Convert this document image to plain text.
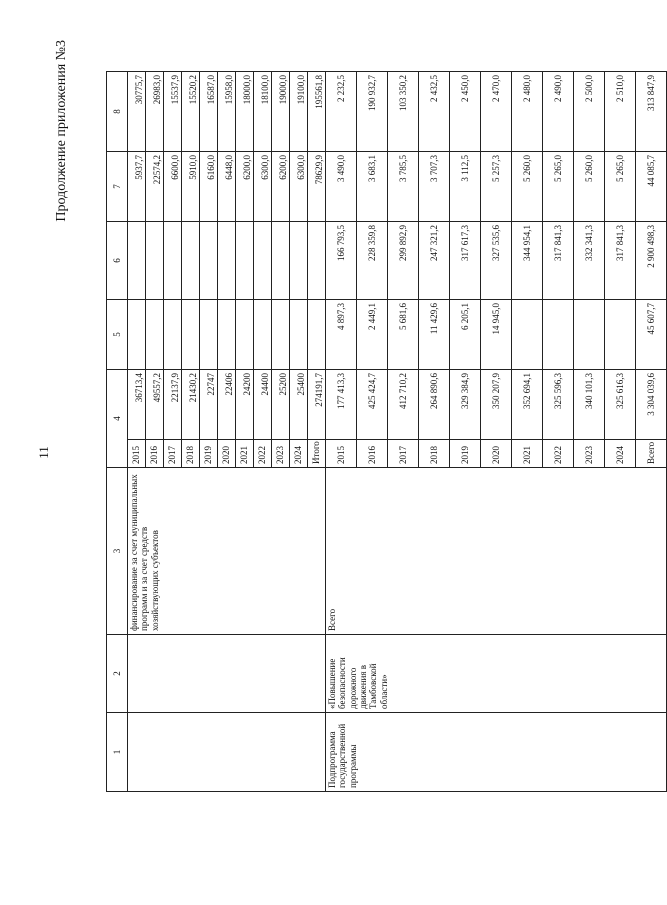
11
Продолжение приложения №3
1	2	3	4		5	6	7	8
		финансирование за счет муниципальных программ и за счет средств хозяйствующих субъектов	2015	36713,4			5937,7	30775,7
			2016	49557,2			22574,2	26983,0
			2017	22137,9			6600,0	15537,9
			2018	21430,2			5910,0	15520,2
			2019	22747			6160,0	16587,0
			2020	22406			6448,0	15958,0
			2021	24200			6200,0	18000,0
			2022	24400			6300,0	18100,0
			2023	25200			6200,0	19000,0
			2024	25400			6300,0	19100,0
			Итого	274191,7			78629,9	195561,8
Подпрограмма государственной программы	«Повышение безопасности дорожного движения в Тамбовской области»	Всего	2015	177 413,3	4 897,3	166 793,5	3 490,0	2 232,5
			2016	425 424,7	2 449,1	228 359,8	3 683,1	190 932,7
			2017	412 710,2	5 681,6	299 892,9	3 785,5	103 350,2
			2018	264 890,6	11 429,6	247 321,2	3 707,3	2 432,5
			2019	329 384,9	6 205,1	317 617,3	3 112,5	2 450,0
			2020	350 207,9	14 945,0	327 535,6	5 257,3	2 470,0
			2021	352 694,1		344 954,1	5 260,0	2 480,0
			2022	325 596,3		317 841,3	5 265,0	2 490,0
			2023	340 101,3		332 341,3	5 260,0	2 500,0
			2024	325 616,3		317 841,3	5 265,0	2 510,0
			Всего	3 304 039,6	45 607,7	2 900 498,3	44 085,7	313 847,9
